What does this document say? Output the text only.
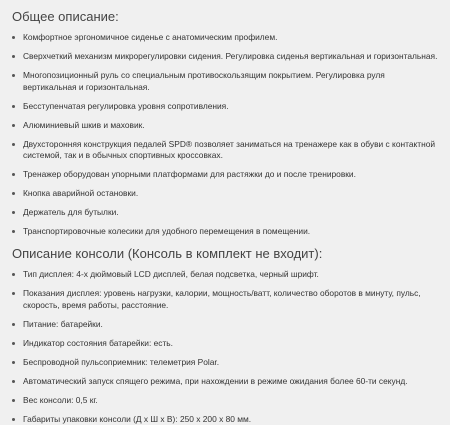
Общее описание:
Комфортное эргономичное сиденье с анатомическим профилем.
Сверхчеткий механизм микрорегулировки сидения. Регулировка сиденья вертикальная и горизонтальная.
Многопозиционный руль со специальным противоскользящим покрытием. Регулировка руля вертикальная и горизонтальная.
Бесступенчатая регулировка уровня сопротивления.
Алюминиевый шкив и маховик.
Двухсторонняя конструкция педалей SPD® позволяет заниматься на тренажере как в обуви с контактной системой, так и в обычных спортивных кроссовках.
Тренажер оборудован упорными платформами для растяжки до и после тренировки.
Кнопка аварийной остановки.
Держатель для бутылки.
Транспортировочные колесики для удобного перемещения в помещении.
Описание консоли (Консоль в комплект не входит):
Тип дисплея: 4-х дюймовый LCD дисплей, белая подсветка, черный шрифт.
Показания дисплея: уровень нагрузки, калории, мощность/ватт, количество оборотов в минуту, пульс, скорость, время работы, расстояние.
Питание: батарейки.
Индикатор состояния батарейки: есть.
Беспроводной пульсоприемник: телеметрия Polar.
Автоматический запуск спящего режима, при нахождении в режиме ожидания более 60-ти секунд.
Вес консоли: 0,5 кг.
Габариты упаковки консоли (Д х Ш х В): 250 х 200 х 80 мм.
